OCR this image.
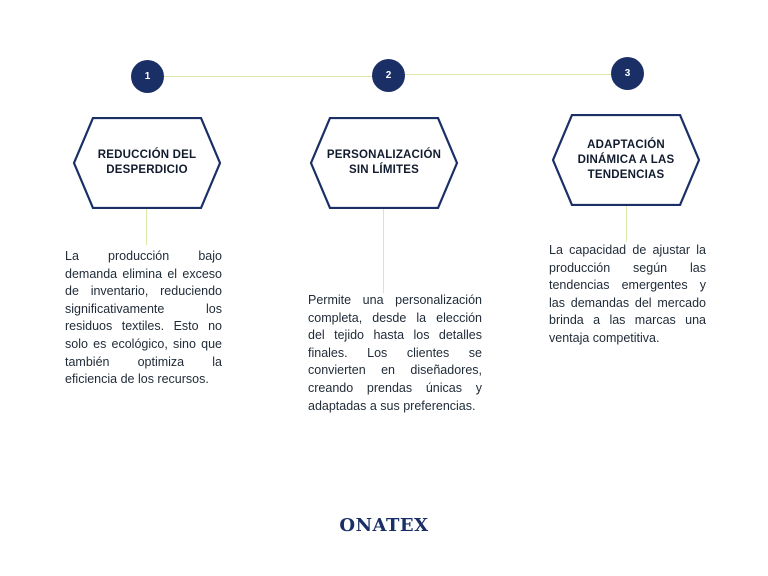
1	2	3
REDUCCIÓN DEL DESPERDICIO
PERSONALIZACIÓN SIN LÍMITES
ADAPTACIÓN DINÁMICA A LAS TENDENCIAS

La producción bajo demanda elimina el exceso de inventario, reduciendo significativamente los residuos textiles. Esto no solo es ecológico, sino que también optimiza la eficiencia de los recursos.

Permite una personalización completa, desde la elección del tejido hasta los detalles finales. Los clientes se convierten en diseñadores, creando prendas únicas y adaptadas a sus preferencias.

La capacidad de ajustar la producción según las tendencias emergentes y las demandas del mercado brinda a las marcas una ventaja competitiva.

ONATEX
